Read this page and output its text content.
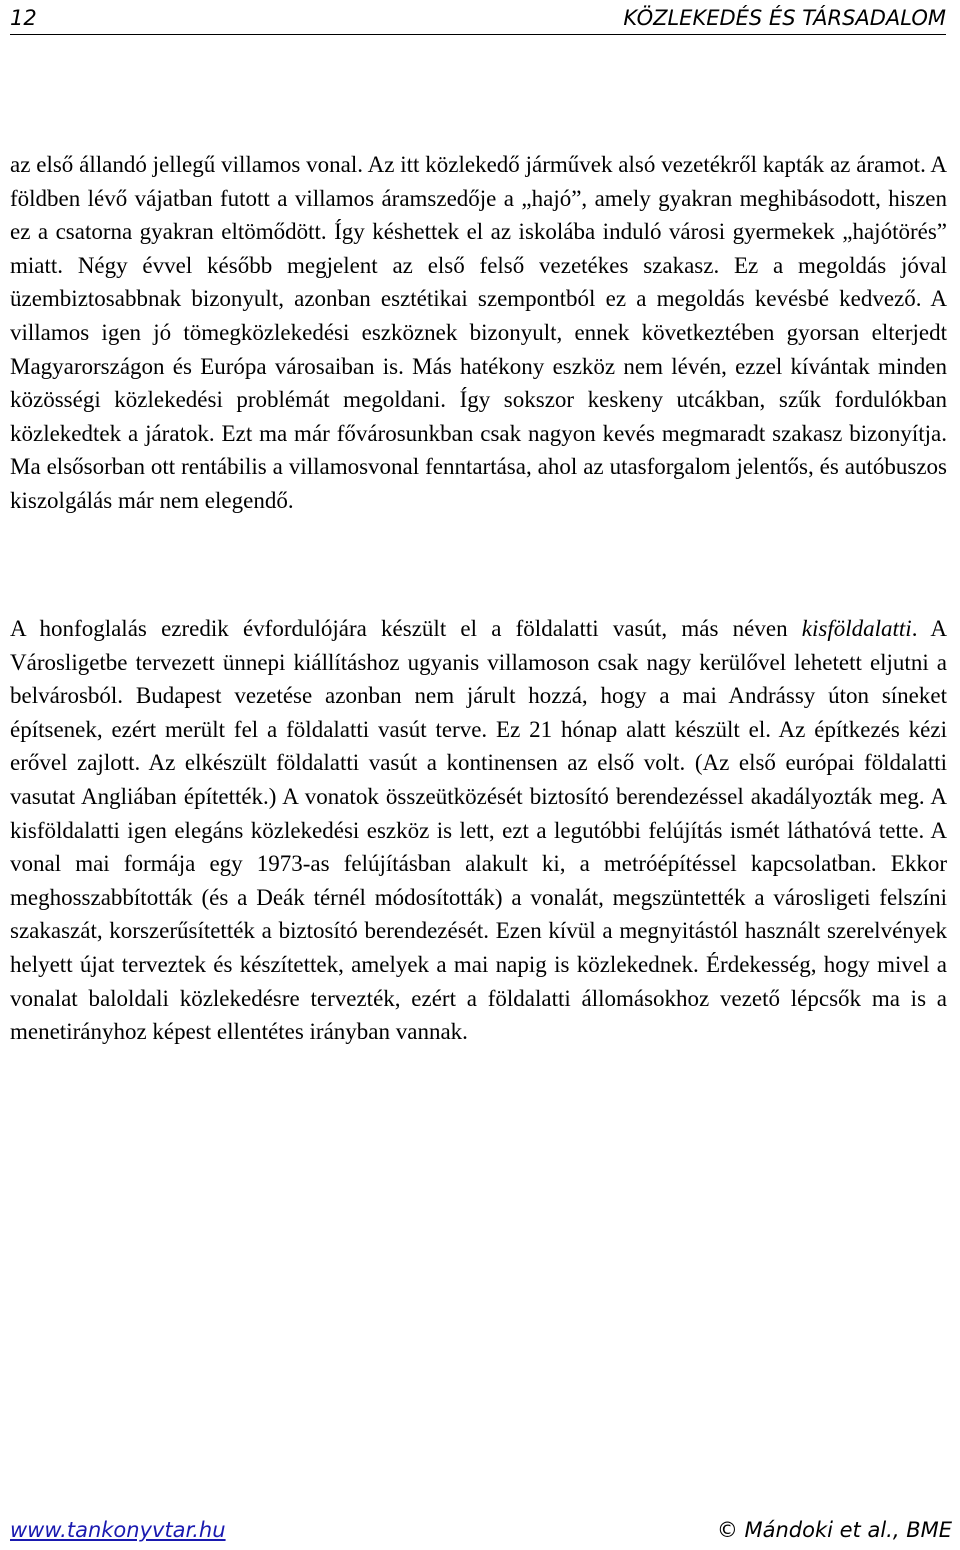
12	KÖZLEKEDÉS ÉS TÁRSADALOM

az első állandó jellegű villamos vonal. Az itt közlekedő járművek alsó vezetékről kapták az áramot. A földben lévő vájatban futott a villamos áramszedője a „hajó”, amely gyakran meghibásodott, hiszen ez a csatorna gyakran eltömődött. Így késhettek el az iskolába induló városi gyermekek „hajótörés” miatt. Négy évvel később megjelent az első felső vezetékes szakasz. Ez a megoldás jóval üzembiztosabbnak bizonyult, azonban esztétikai szempontból ez a megoldás kevésbé kedvező. A villamos igen jó tömegközlekedési eszköznek bizonyult, ennek következtében gyorsan elterjedt Magyarországon és Európa városaiban is. Más hatékony eszköz nem lévén, ezzel kívántak minden közösségi közlekedési problémát megoldani. Így sokszor keskeny utcákban, szűk fordulókban közlekedtek a járatok. Ezt ma már fővárosunkban csak nagyon kevés megmaradt szakasz bizonyítja. Ma elsősorban ott rentábilis a villamosvonal fenntartása, ahol az utasforgalom jelentős, és autóbuszos kiszolgálás már nem elegendő.

A honfoglalás ezredik évfordulójára készült el a földalatti vasút, más néven kisföldalatti. A Városligetbe tervezett ünnepi kiállításhoz ugyanis villamoson csak nagy kerülővel lehetett eljutni a belvárosból. Budapest vezetése azonban nem járult hozzá, hogy a mai Andrássy úton síneket építsenek, ezért merült fel a földalatti vasút terve. Ez 21 hónap alatt készült el. Az építkezés kézi erővel zajlott. Az elkészült földalatti vasút a kontinensen az első volt. (Az első európai földalatti vasutat Angliában építették.) A vonatok összeütközését biztosító berendezéssel akadályozták meg. A kisföldalatti igen elegáns közlekedési eszköz is lett, ezt a legutóbbi felújítás ismét láthatóvá tette. A vonal mai formája egy 1973-as felújításban alakult ki, a metróépítéssel kapcsolatban. Ekkor meghosszabbították (és a Deák térnél módosították) a vonalát, megszüntették a városligeti felszíni szakaszát, korszerűsítették a biztosító berendezését. Ezen kívül a megnyitástól használt szerelvények helyett újat terveztek és készítettek, amelyek a mai napig is közlekednek. Érdekesség, hogy mivel a vonalat baloldali közlekedésre tervezték, ezért a földalatti állomásokhoz vezető lépcsők ma is a menetirányhoz képest ellentétes irányban vannak.

www.tankonyvtar.hu	© Mándoki et al., BME
